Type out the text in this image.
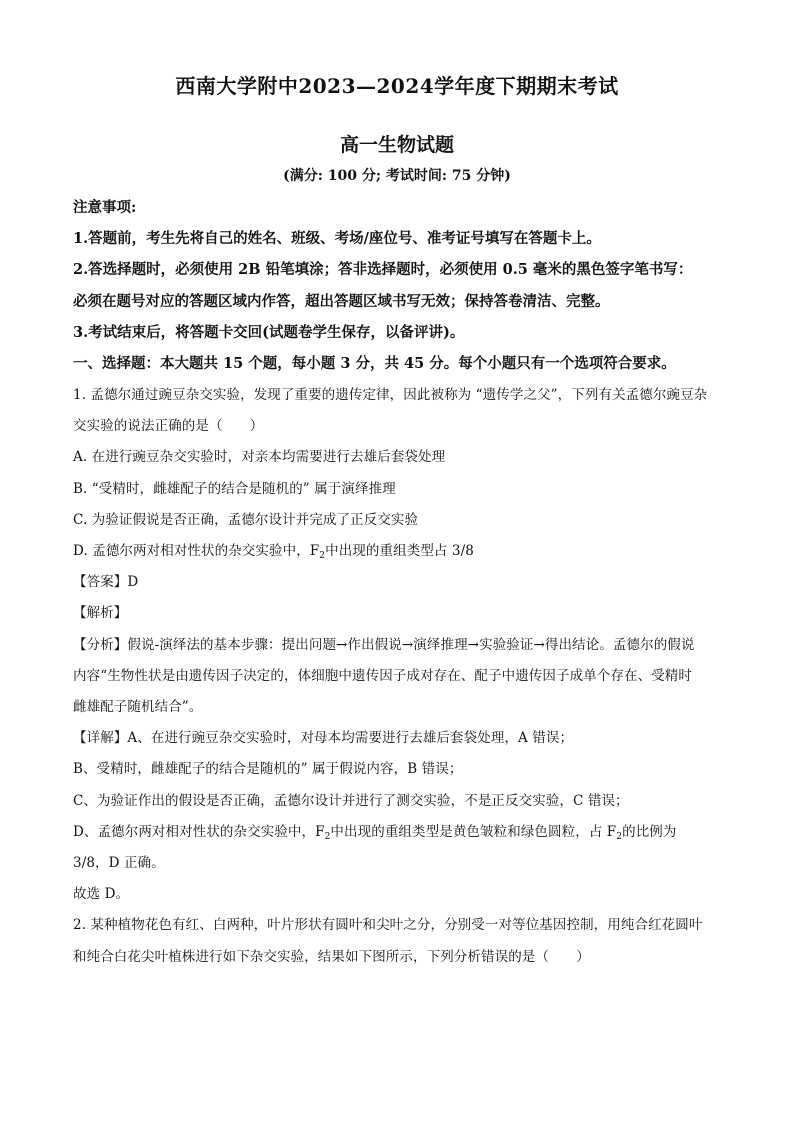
西南大学附中2023—2024学年度下期期末考试
高一生物试题
(满分: 100 分; 考试时间: 75 分钟)
注意事项:
1.答题前，考生先将自己的姓名、班级、考场/座位号、准考证号填写在答题卡上。
2.答选择题时，必须使用 2B 铅笔填涂；答非选择题时，必须使用 0.5 毫米的黑色签字笔书写：
必须在题号对应的答题区域内作答，超出答题区域书写无效；保持答卷清洁、完整。
3.考试结束后，将答题卡交回(试题卷学生保存，以备评讲)。
一、选择题：本大题共 15 个题，每小题 3 分，共 45 分。每个小题只有一个选项符合要求。
1. 孟德尔通过豌豆杂交实验，发现了重要的遗传定律，因此被称为 “遗传学之父”，下列有关孟德尔豌豆杂
交实验的说法正确的是（　　）
A. 在进行豌豆杂交实验时，对亲本均需要进行去雄后套袋处理
B. “受精时，雌雄配子的结合是随机的” 属于演绎推理
C. 为验证假说是否正确，孟德尔设计并完成了正反交实验
D. 孟德尔两对相对性状的杂交实验中，$F_2$中出现的重组类型占 3/8
【答案】D
【解析】
【分析】假说-演绎法的基本步骤：提出问题→作出假说→演绎推理→实验验证→得出结论。孟德尔的假说
内容“生物性状是由遗传因子决定的，体细胞中遗传因子成对存在、配子中遗传因子成单个存在、受精时
雌雄配子随机结合”。
【详解】A、在进行豌豆杂交实验时，对母本均需要进行去雄后套袋处理，A 错误；
B、受精时，雌雄配子的结合是随机的” 属于假说内容，B 错误；
C、为验证作出的假设是否正确，孟德尔设计并进行了测交实验，不是正反交实验，C 错误；
D、孟德尔两对相对性状的杂交实验中，$F_2$中出现的重组类型是黄色皱粒和绿色圆粒，占 $F_2$的比例为
3/8，D 正确。
故选 D。
2. 某种植物花色有红、白两种，叶片形状有圆叶和尖叶之分，分别受一对等位基因控制，用纯合红花圆叶
和纯合白花尖叶植株进行如下杂交实验，结果如下图所示，下列分析错误的是（　　）
